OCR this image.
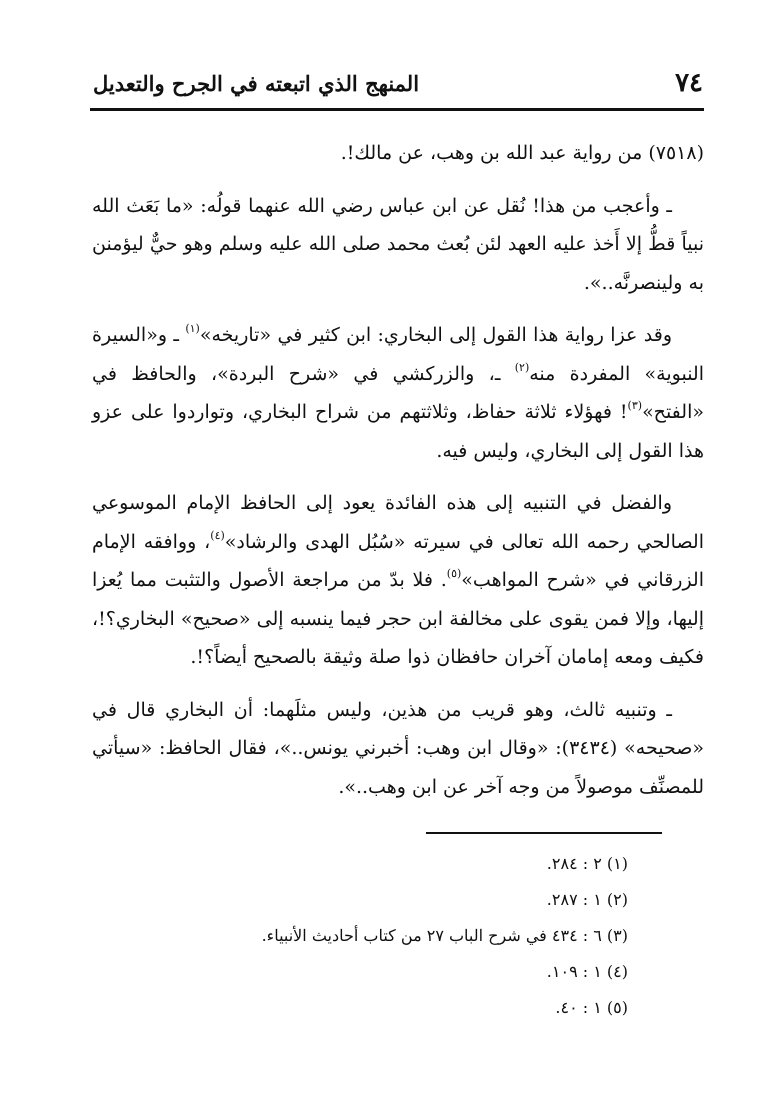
٧٤
المنهج الذي اتبعته في الجرح والتعديل

(٧٥١٨) من رواية عبد الله بن وهب، عن مالك!.

ـ وأعجب من هذا! نُقل عن ابن عباس رضي الله عنهما قولُه: «ما بَعَث الله نبياً قطُّ إلا أَخذ عليه العهد لئن بُعث محمد صلى الله عليه وسلم وهو حيٌّ ليؤمنن به ولينصرنَّه..».

وقد عزا رواية هذا القول إلى البخاري: ابن كثير في «تاريخه»$^{(١)}$ ـ و«السيرة النبوية» المفردة منه$^{(٢)}$ ـ، والزركشي في «شرح البردة»، والحافظ في «الفتح»$^{(٣)}$! فهؤلاء ثلاثة حفاظ، وثلاثتهم من شراح البخاري، وتواردوا على عزو هذا القول إلى البخاري، وليس فيه.

والفضل في التنبيه إلى هذه الفائدة يعود إلى الحافظ الإمام الموسوعي الصالحي رحمه الله تعالى في سيرته «سُبُل الهدى والرشاد»$^{(٤)}$، ووافقه الإمام الزرقاني في «شرح المواهب»$^{(٥)}$. فلا بدّ من مراجعة الأصول والتثبت مما يُعزا إليها، وإلا فمن يقوى على مخالفة ابن حجر فيما ينسبه إلى «صحيح» البخاري؟!، فكيف ومعه إمامان آخران حافظان ذوا صلة وثيقة بالصحيح أيضاً؟!.

ـ وتنبيه ثالث، وهو قريب من هذين، وليس مثلَهما: أن البخاري قال في «صحيحه» (٣٤٣٤): «وقال ابن وهب: أخبرني يونس..»، فقال الحافظ: «سيأتي للمصنِّف موصولاً من وجه آخر عن ابن وهب..».

(١) ٢ : ٢٨٤.

(٢) ١ : ٢٨٧.

(٣) ٦ : ٤٣٤ في شرح الباب ٢٧ من كتاب أحاديث الأنبياء.

(٤) ١ : ١٠٩.

(٥) ١ : ٤٠.
